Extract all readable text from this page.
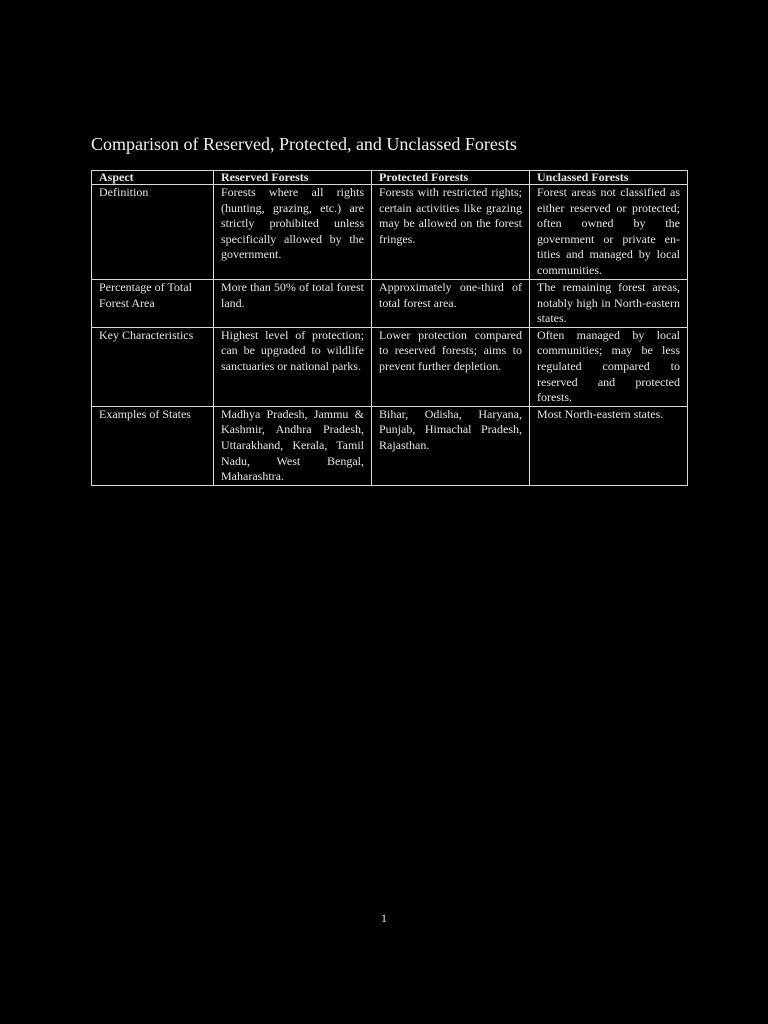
Comparison of Reserved, Protected, and Unclassed Forests
Aspect	Reserved Forests	Protected Forests	Unclassed Forests
Definition	Forests where all rights (hunting, grazing, etc.) are strictly prohibited unless specifically allowed by the government.	Forests with restricted rights; certain activities like grazing may be allowed on the forest fringes.	Forest areas not classified as either reserved or protected; often owned by the government or private entities and managed by local communities.
Percentage of Total Forest Area	More than 50% of total forest land.	Approximately one-third of total forest area.	The remaining forest areas, notably high in North-eastern states.
Key Characteristics	Highest level of protection; can be upgraded to wildlife sanctuaries or national parks.	Lower protection compared to reserved forests; aims to prevent further depletion.	Often managed by local communities; may be less regulated compared to reserved and protected forests.
Examples of States	Madhya Pradesh, Jammu & Kashmir, Andhra Pradesh, Uttarakhand, Kerala, Tamil Nadu, West Bengal, Maharashtra.	Bihar, Odisha, Haryana, Punjab, Himachal Pradesh, Rajasthan.	Most North-eastern states.
1
